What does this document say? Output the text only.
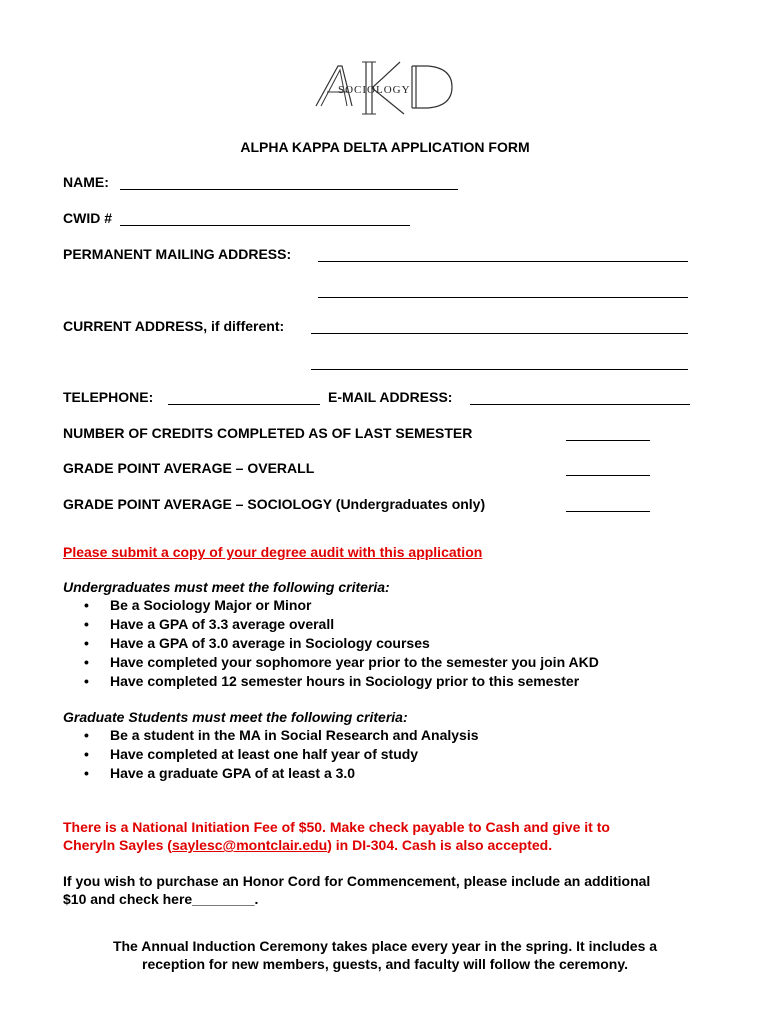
SOCIOLOGY
ALPHA KAPPA DELTA APPLICATION FORM
NAME:
CWID #
PERMANENT MAILING ADDRESS:
CURRENT ADDRESS, if different:
TELEPHONE:	E-MAIL ADDRESS:
NUMBER OF CREDITS COMPLETED AS OF LAST SEMESTER
GRADE POINT AVERAGE – OVERALL
GRADE POINT AVERAGE – SOCIOLOGY (Undergraduates only)
Please submit a copy of your degree audit with this application
Undergraduates must meet the following criteria:
• Be a Sociology Major or Minor
• Have a GPA of 3.3 average overall
• Have a GPA of 3.0 average in Sociology courses
• Have completed your sophomore year prior to the semester you join AKD
• Have completed 12 semester hours in Sociology prior to this semester
Graduate Students must meet the following criteria:
• Be a student in the MA in Social Research and Analysis
• Have completed at least one half year of study
• Have a graduate GPA of at least a 3.0
There is a National Initiation Fee of $50. Make check payable to Cash and give it to
Cheryln Sayles (saylesc@montclair.edu) in DI-304. Cash is also accepted.
If you wish to purchase an Honor Cord for Commencement, please include an additional
$10 and check here________.
The Annual Induction Ceremony takes place every year in the spring. It includes a
reception for new members, guests, and faculty will follow the ceremony.
